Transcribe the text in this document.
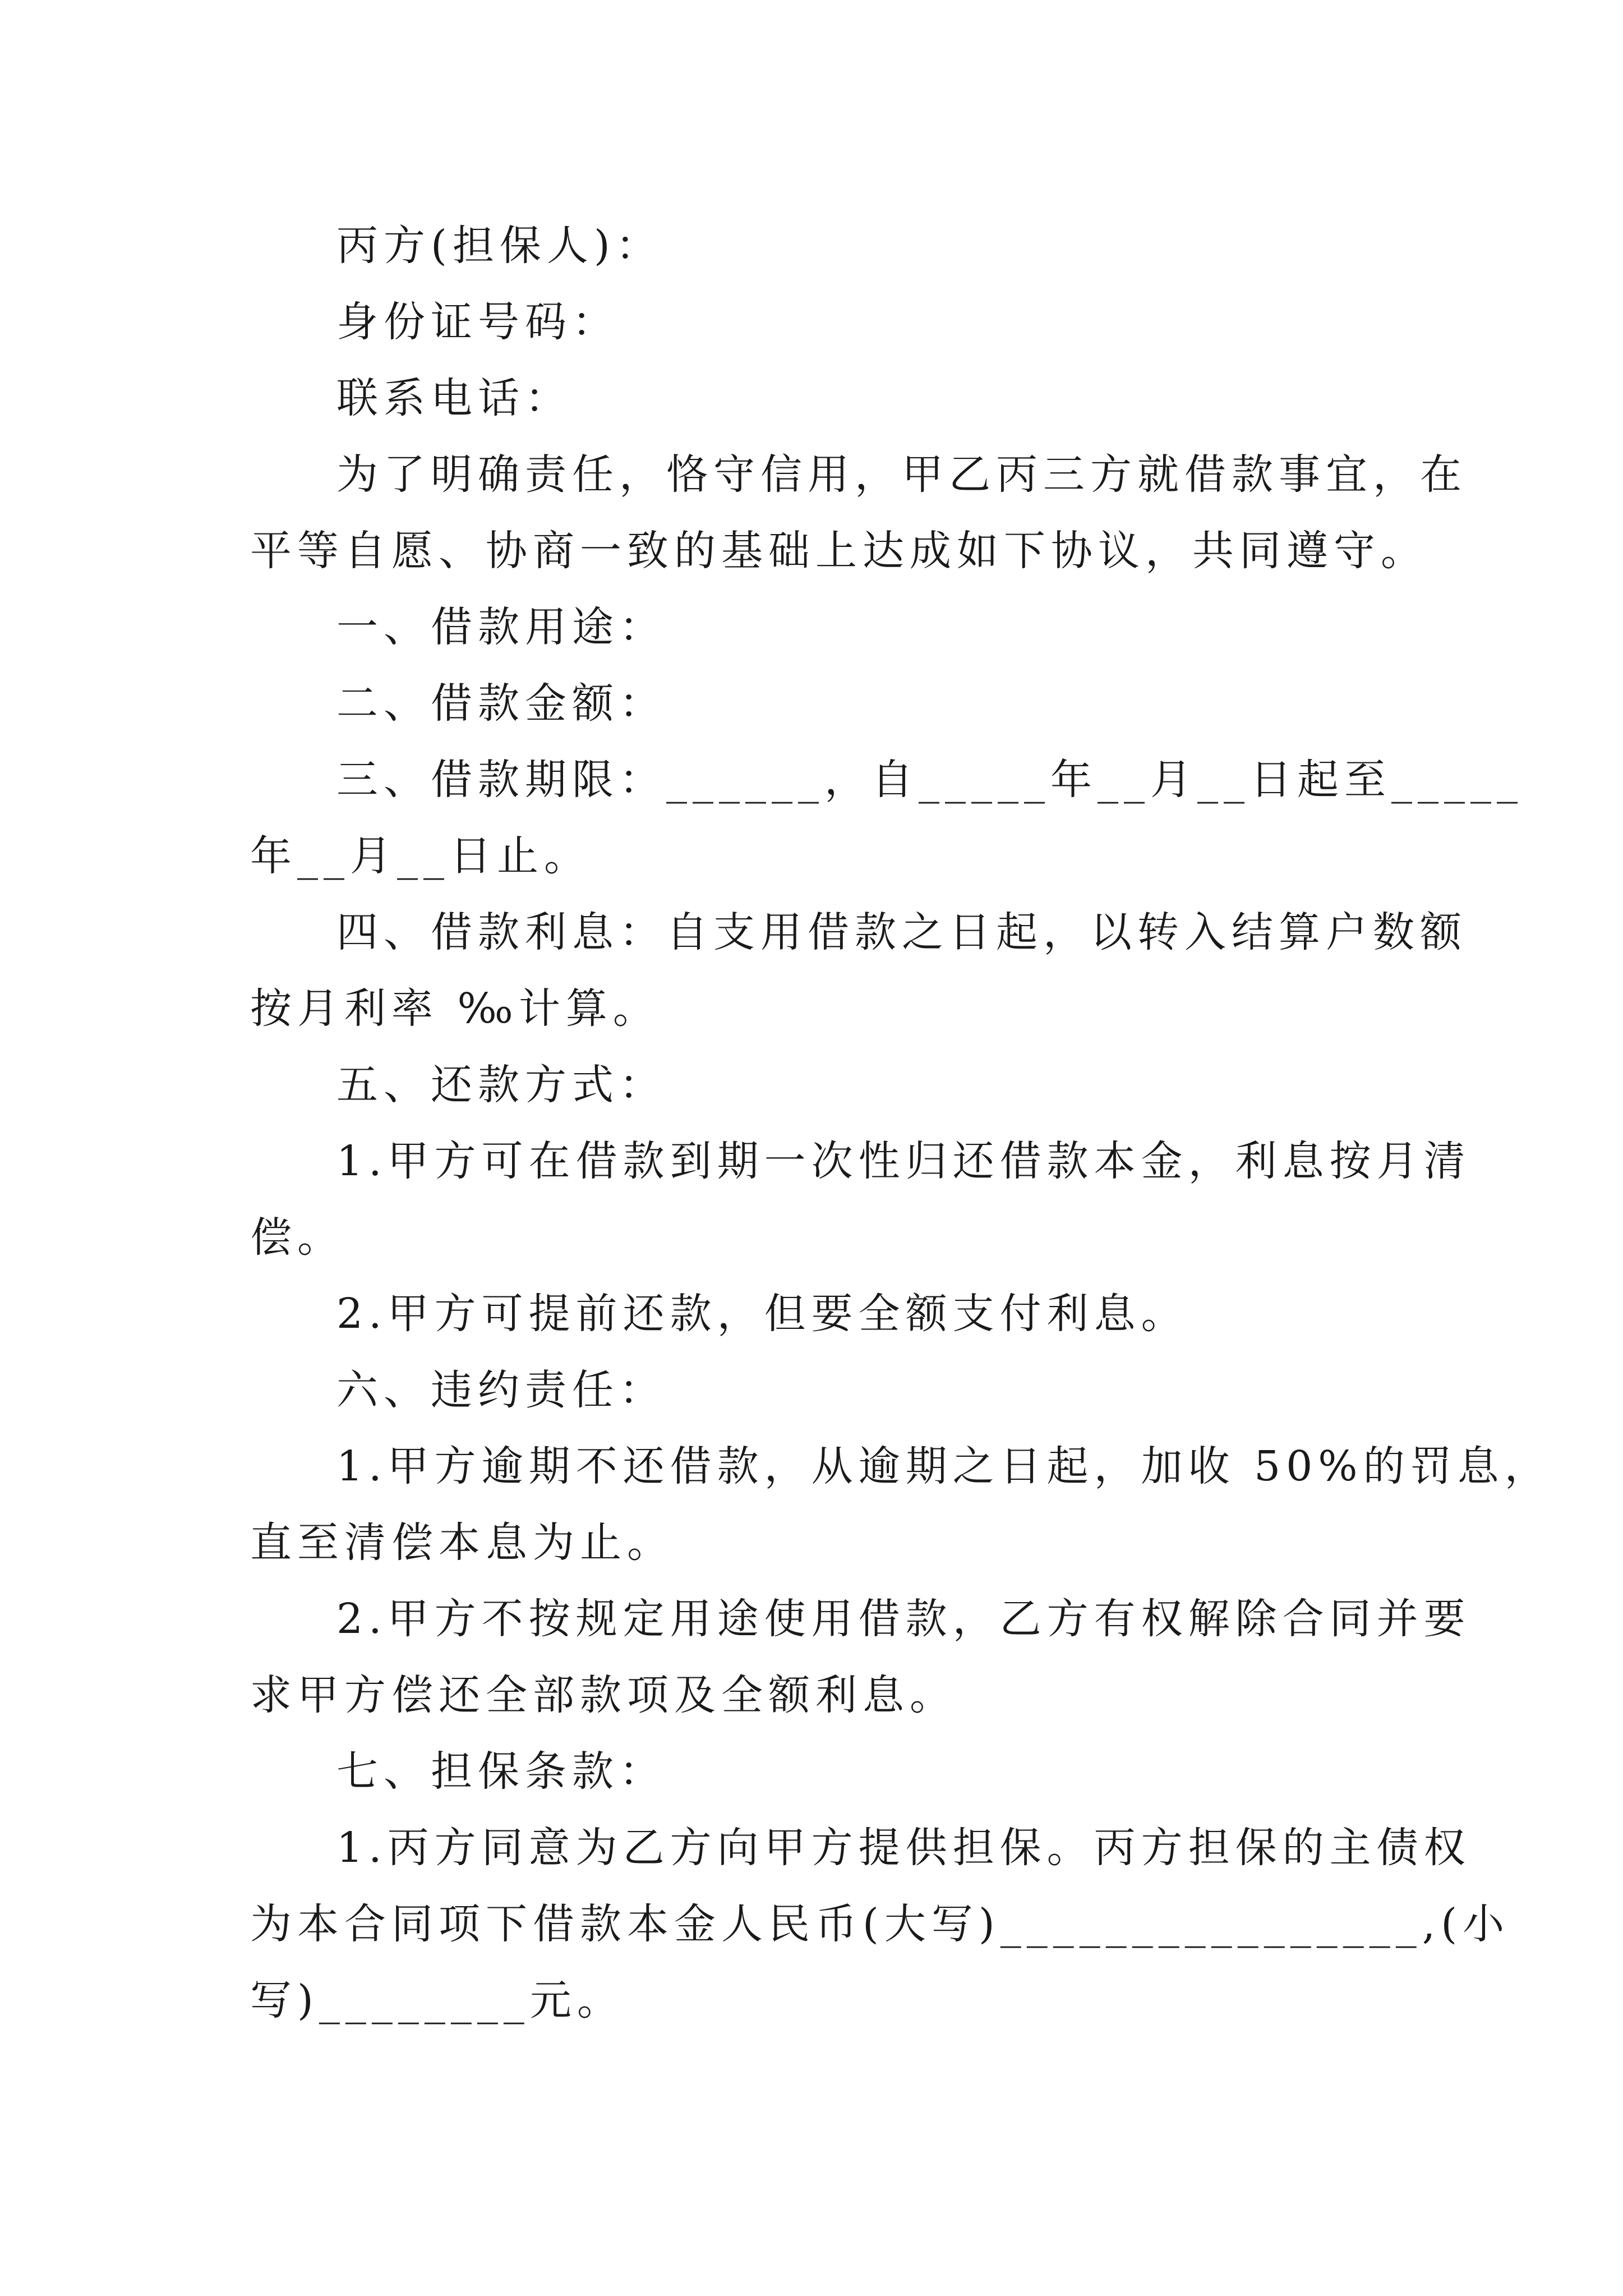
丙方(担保人)：
身份证号码：
联系电话：
为了明确责任，恪守信用，甲乙丙三方就借款事宜，在
平等自愿、协商一致的基础上达成如下协议，共同遵守。
一、借款用途：
二、借款金额：
三、借款期限：______，自_____年__月__日起至_____
年__月__日止。
四、借款利息：自支用借款之日起，以转入结算户数额
按月利率 ‰计算。
五、还款方式：
1.甲方可在借款到期一次性归还借款本金，利息按月清
偿。
2.甲方可提前还款，但要全额支付利息。
六、违约责任：
1.甲方逾期不还借款，从逾期之日起，加收 50%的罚息，
直至清偿本息为止。
2.甲方不按规定用途使用借款，乙方有权解除合同并要
求甲方偿还全部款项及全额利息。
七、担保条款：
1.丙方同意为乙方向甲方提供担保。丙方担保的主债权
为本合同项下借款本金人民币(大写)________________,(小
写)________元。
